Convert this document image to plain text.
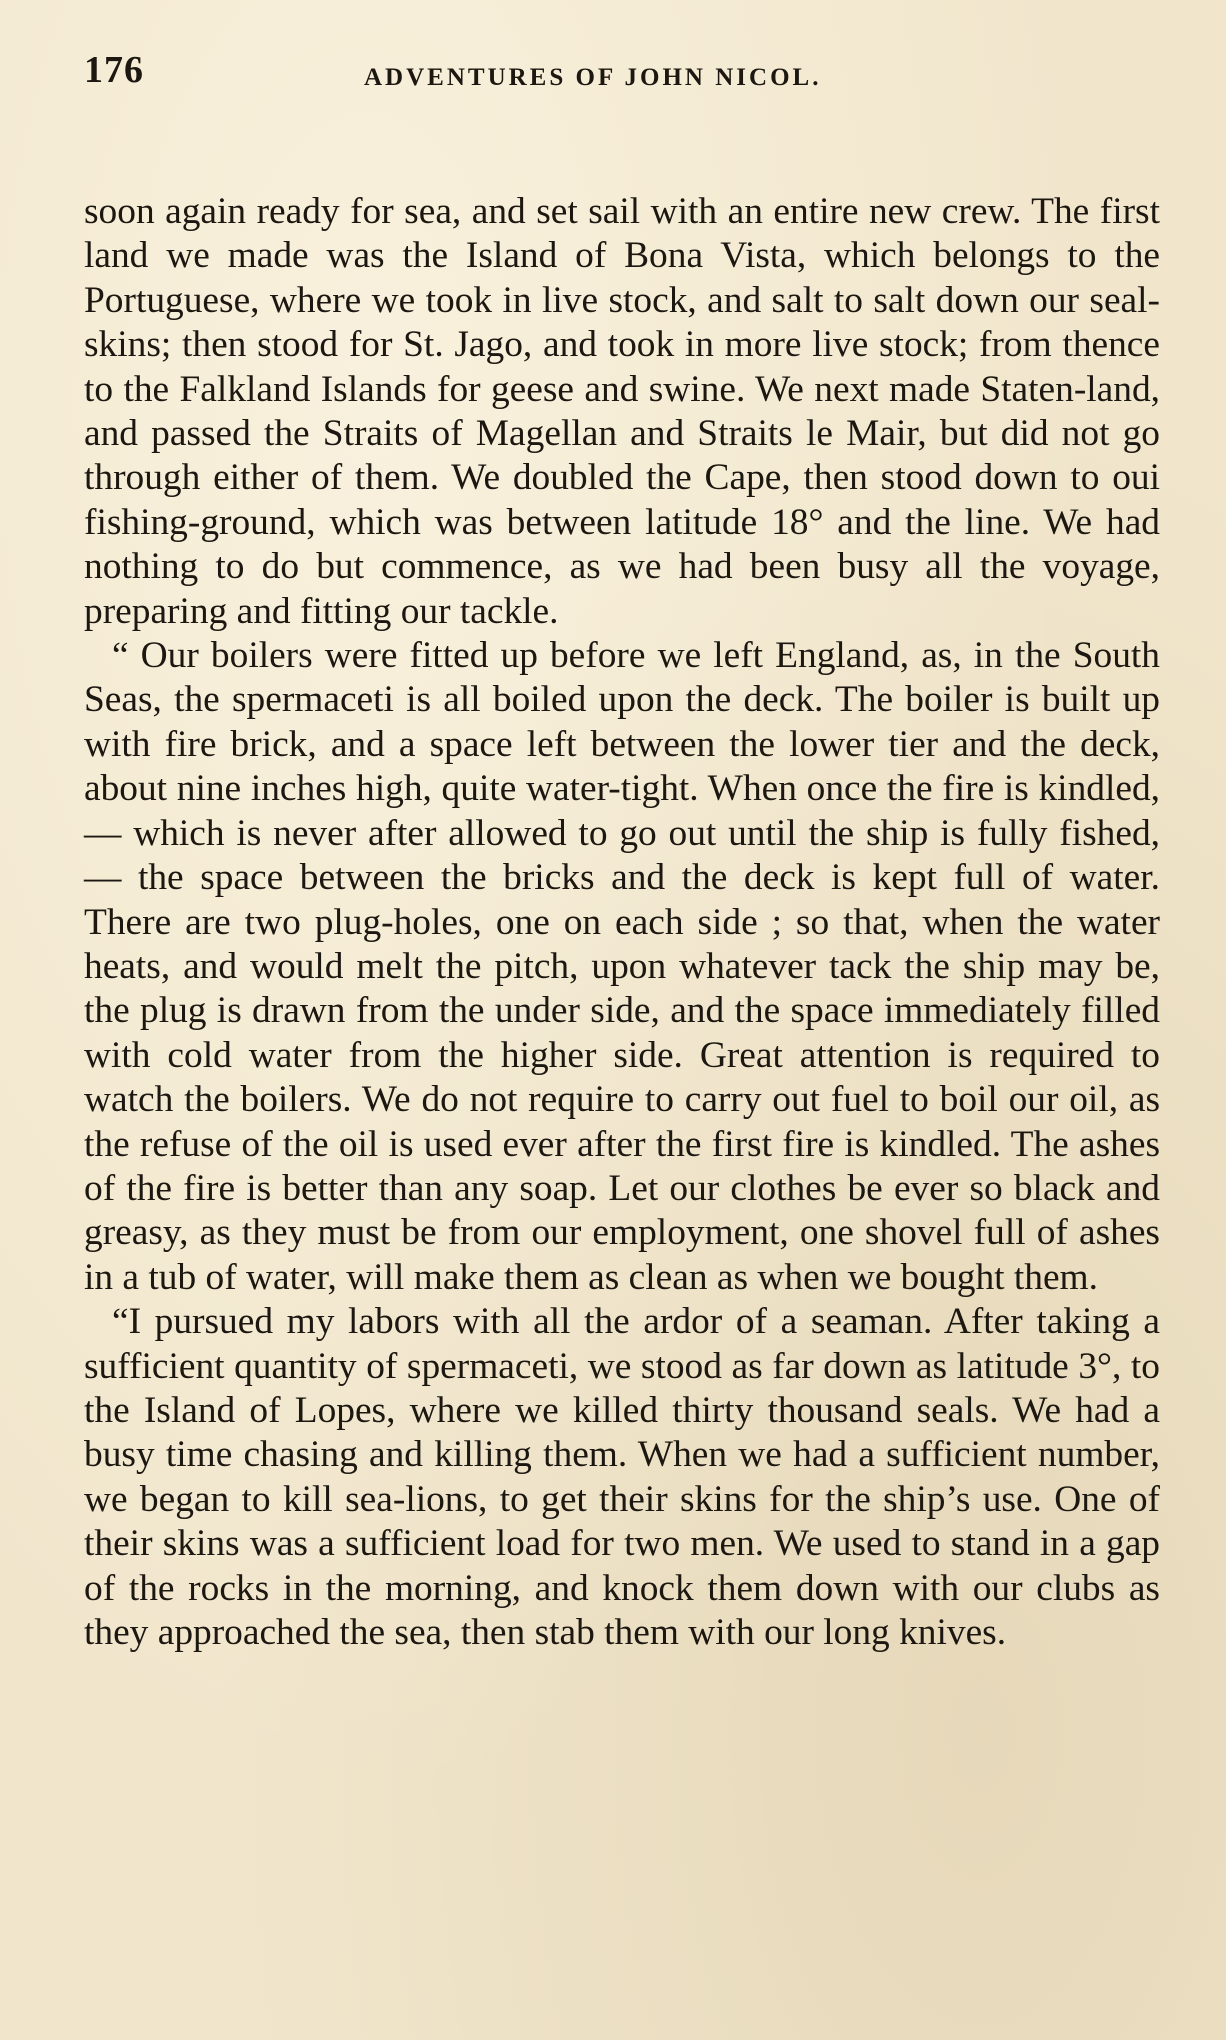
176	ADVENTURES OF JOHN NICOL.

soon again ready for sea, and set sail with an entire new crew. The first land we made was the Island of Bona Vista, which belongs to the Portuguese, where we took in live stock, and salt to salt down our seal-skins; then stood for St. Jago, and took in more live stock; from thence to the Falkland Islands for geese and swine. We next made Staten-land, and passed the Straits of Magellan and Straits le Mair, but did not go through either of them. We doubled the Cape, then stood down to oui fishing-ground, which was between latitude 18° and the line. We had nothing to do but commence, as we had been busy all the voyage, preparing and fitting our tackle.

“ Our boilers were fitted up before we left England, as, in the South Seas, the spermaceti is all boiled upon the deck. The boiler is built up with fire brick, and a space left between the lower tier and the deck, about nine inches high, quite water-tight. When once the fire is kindled, — which is never after allowed to go out until the ship is fully fished, — the space between the bricks and the deck is kept full of water. There are two plug-holes, one on each side ; so that, when the water heats, and would melt the pitch, upon whatever tack the ship may be, the plug is drawn from the under side, and the space immediately filled with cold water from the higher side. Great attention is required to watch the boilers. We do not require to carry out fuel to boil our oil, as the refuse of the oil is used ever after the first fire is kindled. The ashes of the fire is better than any soap. Let our clothes be ever so black and greasy, as they must be from our employment, one shovel full of ashes in a tub of water, will make them as clean as when we bought them.

“I pursued my labors with all the ardor of a seaman. After taking a sufficient quantity of spermaceti, we stood as far down as latitude 3°, to the Island of Lopes, where we killed thirty thousand seals. We had a busy time chasing and killing them. When we had a sufficient number, we began to kill sea-lions, to get their skins for the ship’s use. One of their skins was a sufficient load for two men. We used to stand in a gap of the rocks in the morning, and knock them down with our clubs as they approached the sea, then stab them with our long knives.
